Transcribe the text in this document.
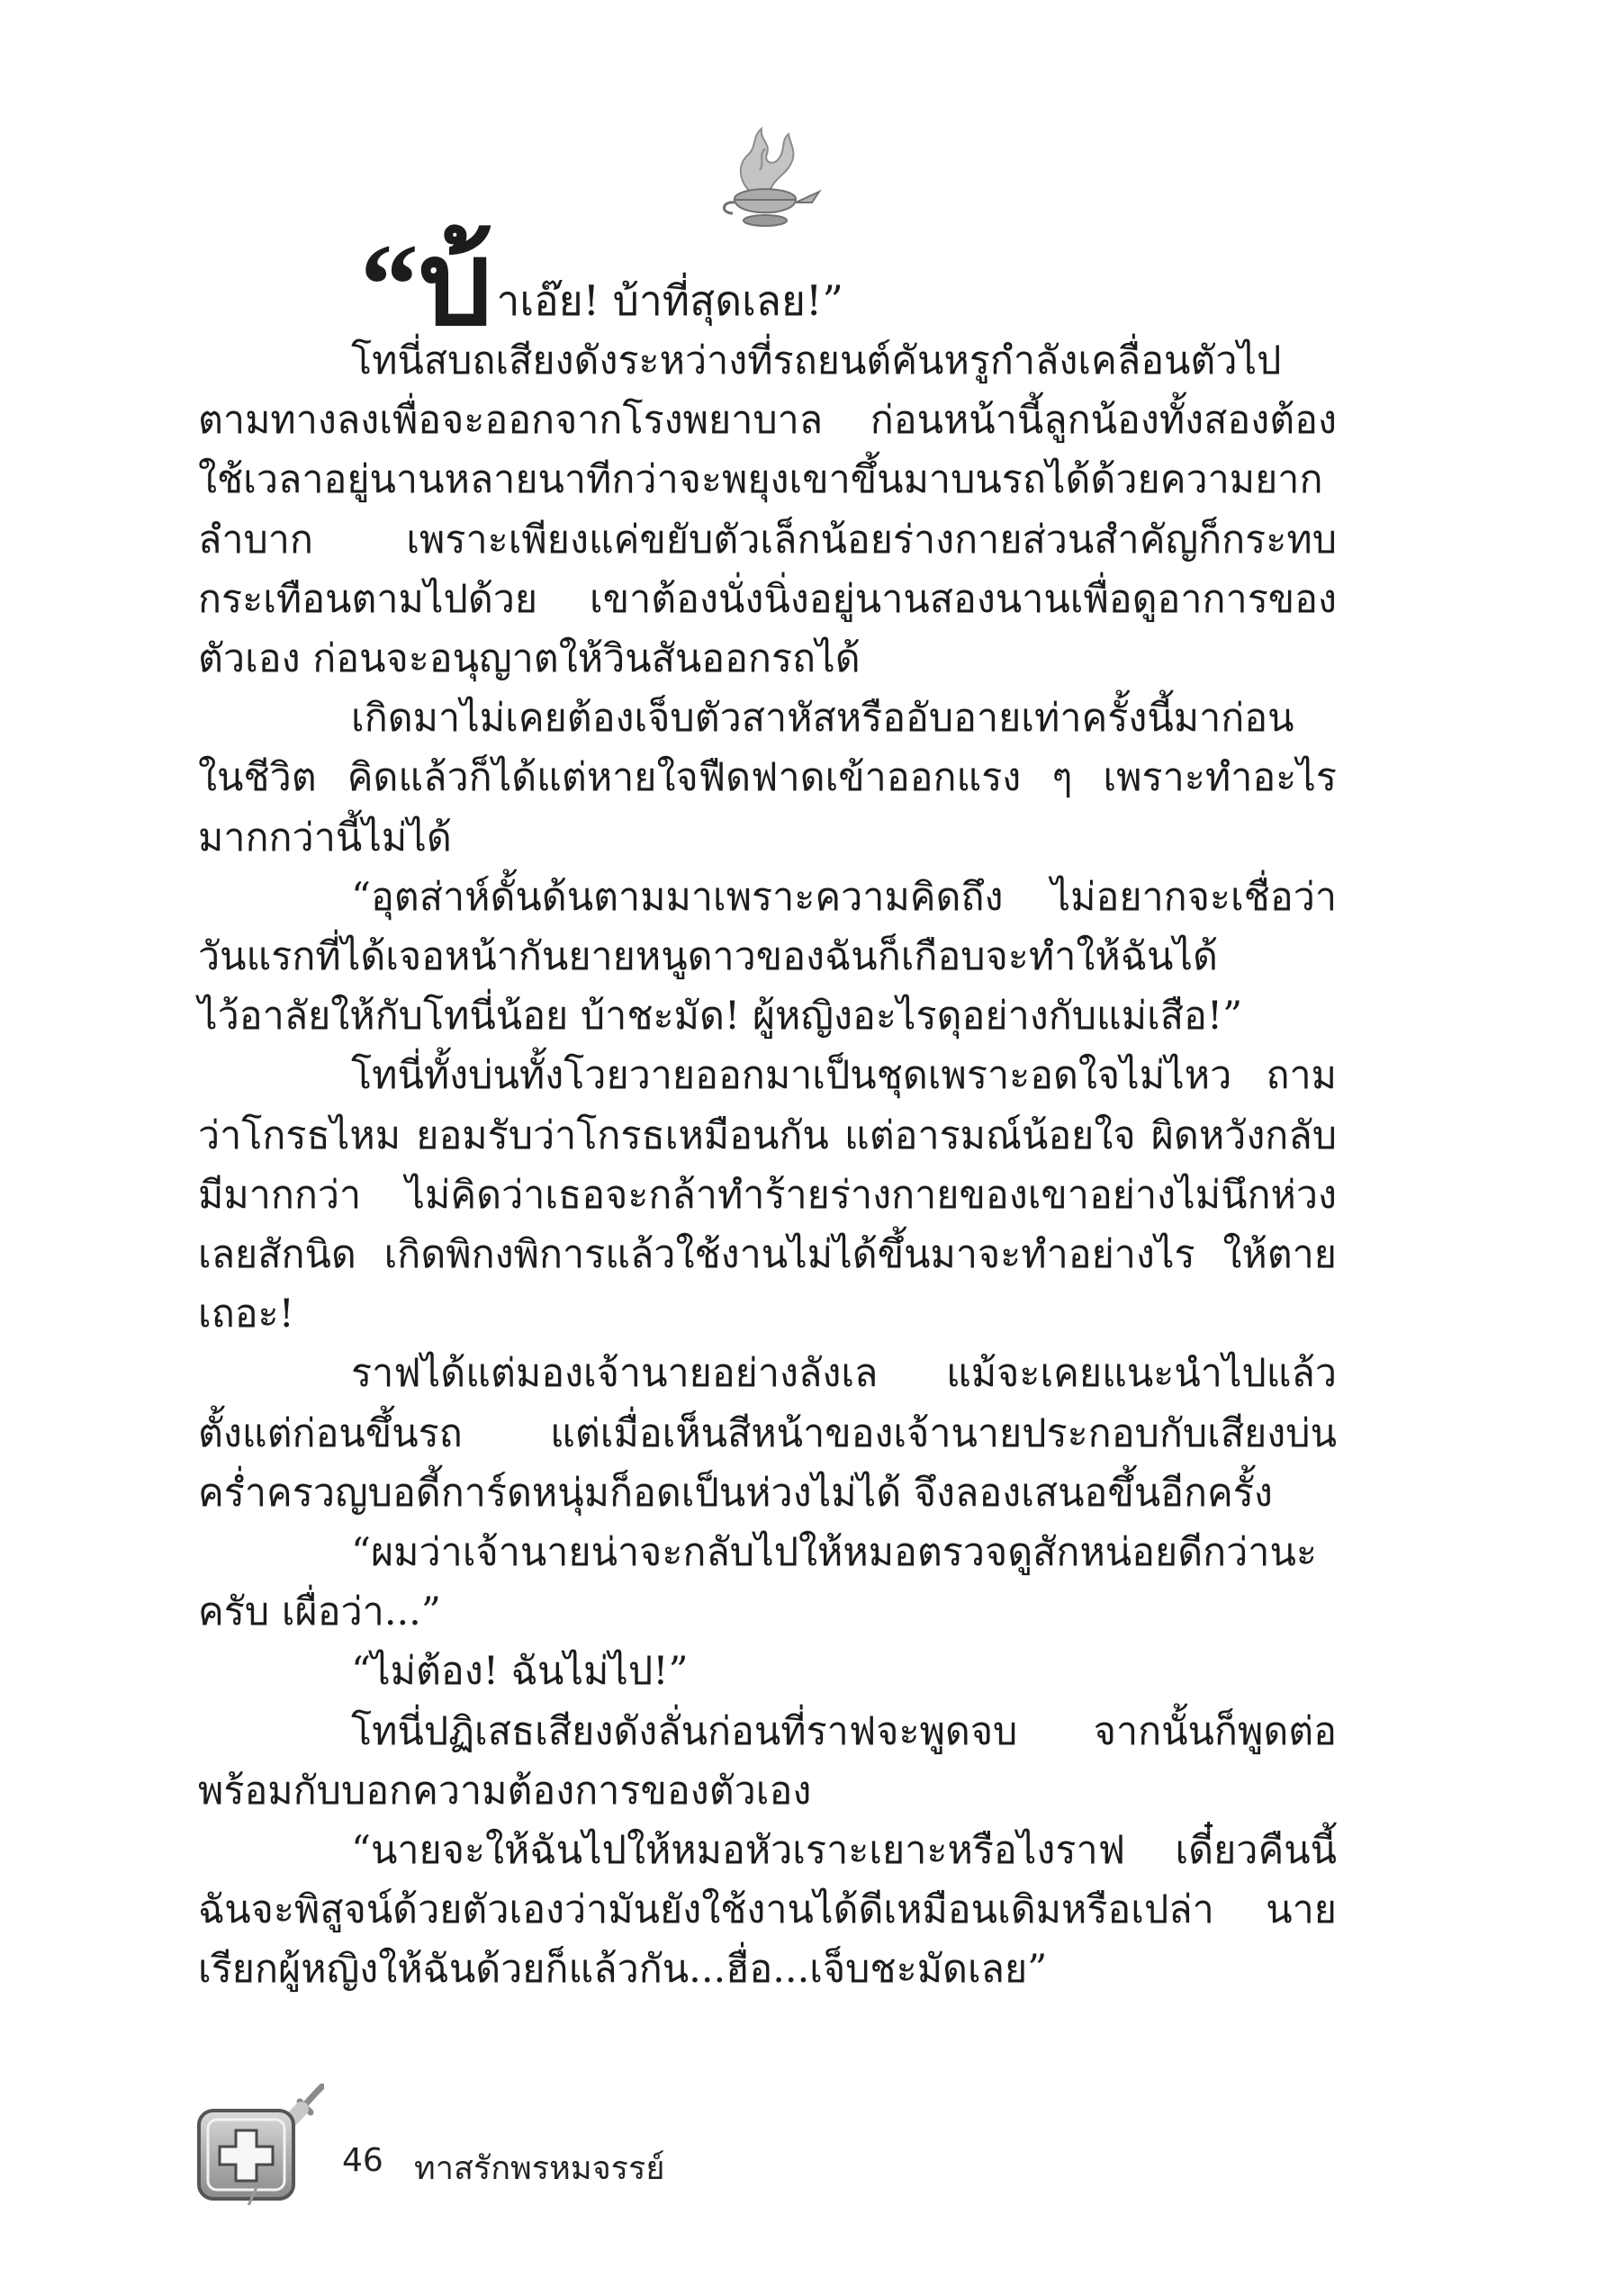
“บ้าเอ๊ย! บ้าที่สุดเลย!”

โทนี่สบถเสียงดังระหว่างที่รถยนต์คันหรูกำลังเคลื่อนตัวไปตามทางลงเพื่อจะออกจากโรงพยาบาล ก่อนหน้านี้ลูกน้องทั้งสองต้องใช้เวลาอยู่นานหลายนาทีกว่าจะพยุงเขาขึ้นมาบนรถได้ด้วยความยากลำบาก เพราะเพียงแค่ขยับตัวเล็กน้อยร่างกายส่วนสำคัญก็กระทบกระเทือนตามไปด้วย เขาต้องนั่งนิ่งอยู่นานสองนานเพื่อดูอาการของตัวเอง ก่อนจะอนุญาตให้วินสันออกรถได้

เกิดมาไม่เคยต้องเจ็บตัวสาหัสหรืออับอายเท่าครั้งนี้มาก่อนในชีวิต คิดแล้วก็ได้แต่หายใจฟืดฟาดเข้าออกแรง ๆ เพราะทำอะไรมากกว่านี้ไม่ได้

“อุตส่าห์ดั้นด้นตามมาเพราะความคิดถึง ไม่อยากจะเชื่อว่าวันแรกที่ได้เจอหน้ากันยายหนูดาวของฉันก็เกือบจะทำให้ฉันได้ไว้อาลัยให้กับโทนี่น้อย บ้าชะมัด! ผู้หญิงอะไรดุอย่างกับแม่เสือ!”

โทนี่ทั้งบ่นทั้งโวยวายออกมาเป็นชุดเพราะอดใจไม่ไหว ถามว่าโกรธไหม ยอมรับว่าโกรธเหมือนกัน แต่อารมณ์น้อยใจ ผิดหวังกลับมีมากกว่า ไม่คิดว่าเธอจะกล้าทำร้ายร่างกายของเขาอย่างไม่นึกห่วงเลยสักนิด เกิดพิกงพิการแล้วใช้งานไม่ได้ขึ้นมาจะทำอย่างไร ให้ตายเถอะ!

ราฟได้แต่มองเจ้านายอย่างลังเล แม้จะเคยแนะนำไปแล้วตั้งแต่ก่อนขึ้นรถ แต่เมื่อเห็นสีหน้าของเจ้านายประกอบกับเสียงบ่นคร่ำครวญบอดี้การ์ดหนุ่มก็อดเป็นห่วงไม่ได้ จึงลองเสนอขึ้นอีกครั้ง

“ผมว่าเจ้านายน่าจะกลับไปให้หมอตรวจดูสักหน่อยดีกว่านะครับ เผื่อว่า...”

“ไม่ต้อง! ฉันไม่ไป!”

โทนี่ปฏิเสธเสียงดังลั่นก่อนที่ราฟจะพูดจบ จากนั้นก็พูดต่อพร้อมกับบอกความต้องการของตัวเอง

“นายจะให้ฉันไปให้หมอหัวเราะเยาะหรือไงราฟ เดี๋ยวคืนนี้ฉันจะพิสูจน์ด้วยตัวเองว่ามันยังใช้งานได้ดีเหมือนเดิมหรือเปล่า นายเรียกผู้หญิงให้ฉันด้วยก็แล้วกัน...ฮื่อ...เจ็บชะมัดเลย”

46 ทาสรักพรหมจรรย์
